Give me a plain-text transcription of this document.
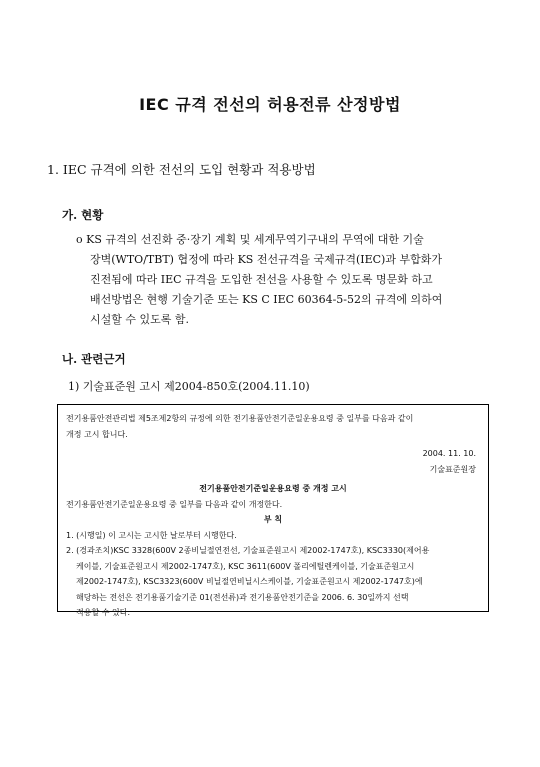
IEC 규격 전선의 허용전류 산정방법
1. IEC 규격에 의한 전선의 도입 현황과 적용방법
가. 현황
o KS 규격의 선진화 중·장기 계획 및 세계무역기구내의 무역에 대한 기술
장벽(WTO/TBT) 협정에 따라 KS 전선규격을 국제규격(IEC)과 부합화가
진전됨에 따라 IEC 규격을 도입한 전선을 사용할 수 있도록 명문화 하고
배선방법은 현행 기술기준 또는 KS C IEC 60364-5-52의 규격에 의하여
시설할 수 있도록 함.
나. 관련근거
1) 기술표준원 고시 제2004-850호(2004.11.10)
전기용품안전관리법 제5조제2항의 규정에 의한 전기용품안전기준일운용요령 중 일부를 다음과 같이
개정 고시 합니다.
2004. 11. 10.
기술표준원장
전기용품안전기준일운용요령 중 개정 고시
전기용품안전기준일운용요령 중 일부를 다음과 같이 개정한다.
부 칙
1. (시행일) 이 고시는 고시한 날로부터 시행한다.
2. (경과조치)KSC 3328(600V 2종비닐절연전선, 기술표준원고시 제2002-1747호), KSC3330(제어용
케이블, 기술표준원고시 제2002-1747호), KSC 3611(600V 폴리에틸렌케이블, 기술표준원고시
제2002-1747호), KSC3323(600V 비닐절연비닐시스케이블, 기술표준원고시 제2002-1747호)에
해당하는 전선은 전기용품기술기준 01(전선류)과 전기용품안전기준을 2006. 6. 30일까지 선택
적용할 수 있다.
